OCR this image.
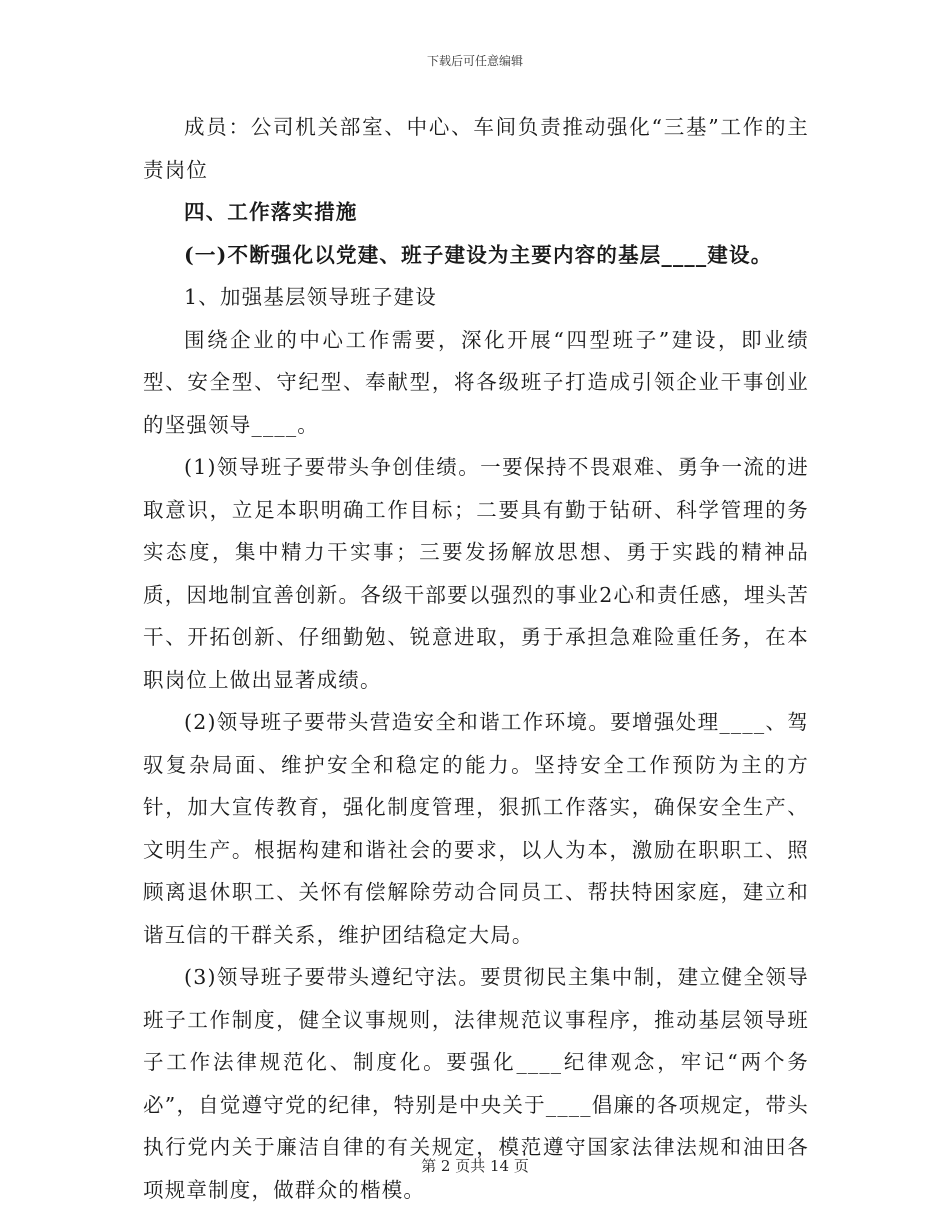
下载后可任意编辑

成员：公司机关部室、中心、车间负责推动强化“三基”工作的主责岗位

四、工作落实措施

(一)不断强化以党建、班子建设为主要内容的基层____建设。

1、加强基层领导班子建设

围绕企业的中心工作需要，深化开展“四型班子”建设，即业绩型、安全型、守纪型、奉献型，将各级班子打造成引领企业干事创业的坚强领导____。

(1)领导班子要带头争创佳绩。一要保持不畏艰难、勇争一流的进取意识，立足本职明确工作目标；二要具有勤于钻研、科学管理的务实态度，集中精力干实事；三要发扬解放思想、勇于实践的精神品质，因地制宜善创新。各级干部要以强烈的事业2心和责任感，埋头苦干、开拓创新、仔细勤勉、锐意进取，勇于承担急难险重任务，在本职岗位上做出显著成绩。

(2)领导班子要带头营造安全和谐工作环境。要增强处理____、驾驭复杂局面、维护安全和稳定的能力。坚持安全工作预防为主的方针，加大宣传教育，强化制度管理，狠抓工作落实，确保安全生产、文明生产。根据构建和谐社会的要求，以人为本，激励在职职工、照顾离退休职工、关怀有偿解除劳动合同员工、帮扶特困家庭，建立和谐互信的干群关系，维护团结稳定大局。

(3)领导班子要带头遵纪守法。要贯彻民主集中制，建立健全领导班子工作制度，健全议事规则，法律规范议事程序，推动基层领导班子工作法律规范化、制度化。要强化____纪律观念，牢记“两个务必”，自觉遵守党的纪律，特别是中央关于____倡廉的各项规定，带头执行党内关于廉洁自律的有关规定，模范遵守国家法律法规和油田各项规章制度，做群众的楷模。

第 2 页共 14 页
